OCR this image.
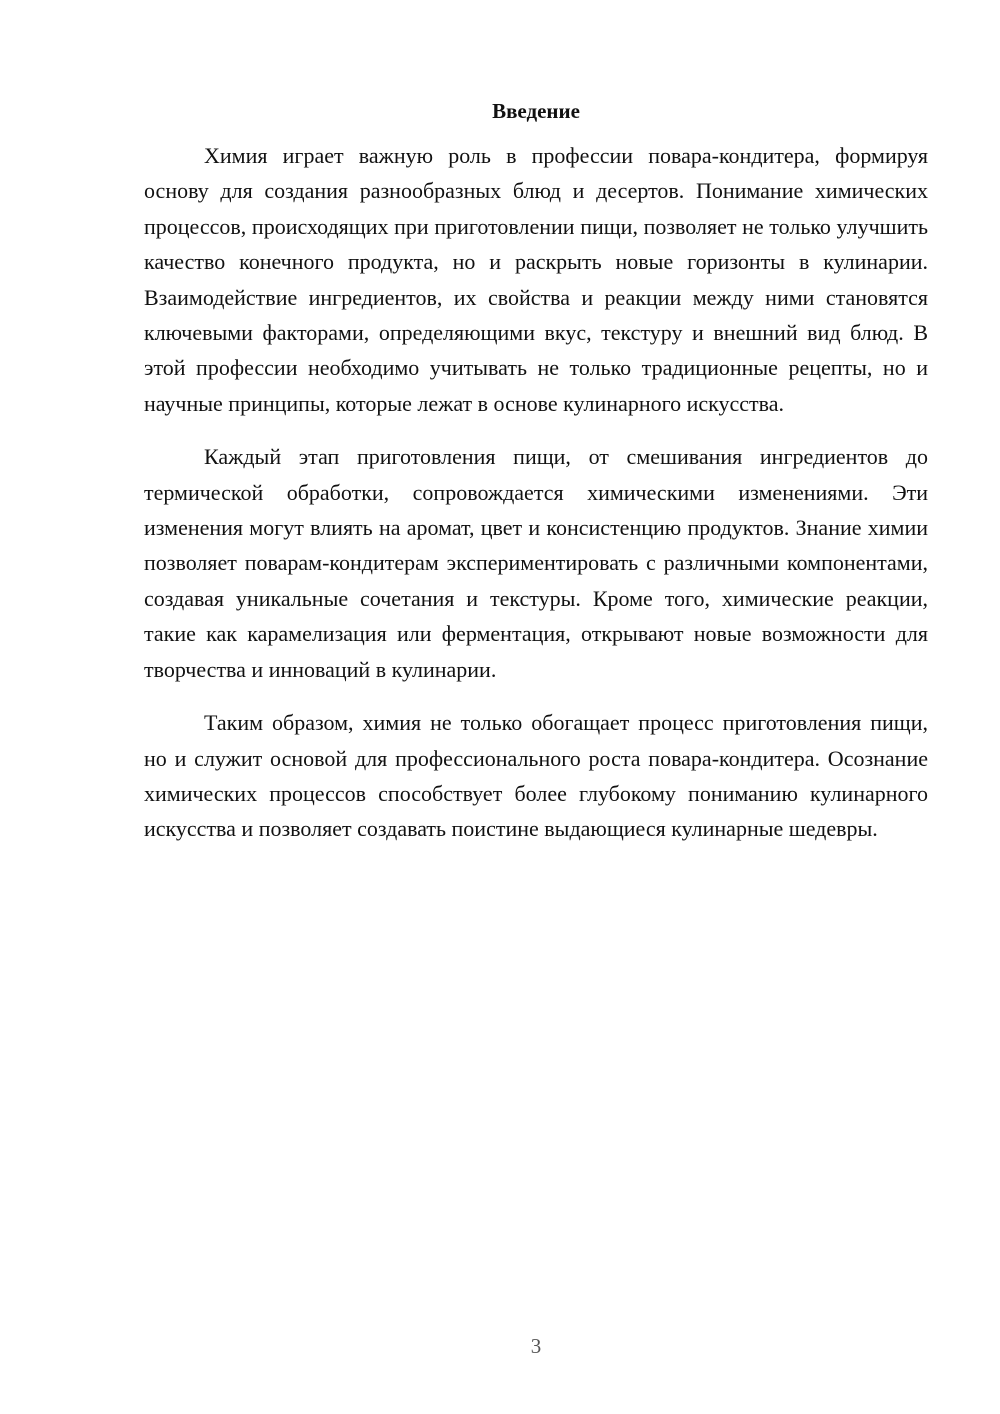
Введение

Химия играет важную роль в профессии повара-кондитера, формируя основу для создания разнообразных блюд и десертов. Понимание химических процессов, происходящих при приготовлении пищи, позволяет не только улучшить качество конечного продукта, но и раскрыть новые горизонты в кулинарии. Взаимодействие ингредиентов, их свойства и реакции между ними становятся ключевыми факторами, определяющими вкус, текстуру и внешний вид блюд. В этой профессии необходимо учитывать не только традиционные рецепты, но и научные принципы, которые лежат в основе кулинарного искусства.

Каждый этап приготовления пищи, от смешивания ингредиентов до термической обработки, сопровождается химическими изменениями. Эти изменения могут влиять на аромат, цвет и консистенцию продуктов. Знание химии позволяет поварам-кондитерам экспериментировать с различными компонентами, создавая уникальные сочетания и текстуры. Кроме того, химические реакции, такие как карамелизация или ферментация, открывают новые возможности для творчества и инноваций в кулинарии.

Таким образом, химия не только обогащает процесс приготовления пищи, но и служит основой для профессионального роста повара-кондитера. Осознание химических процессов способствует более глубокому пониманию кулинарного искусства и позволяет создавать поистине выдающиеся кулинарные шедевры.

3
